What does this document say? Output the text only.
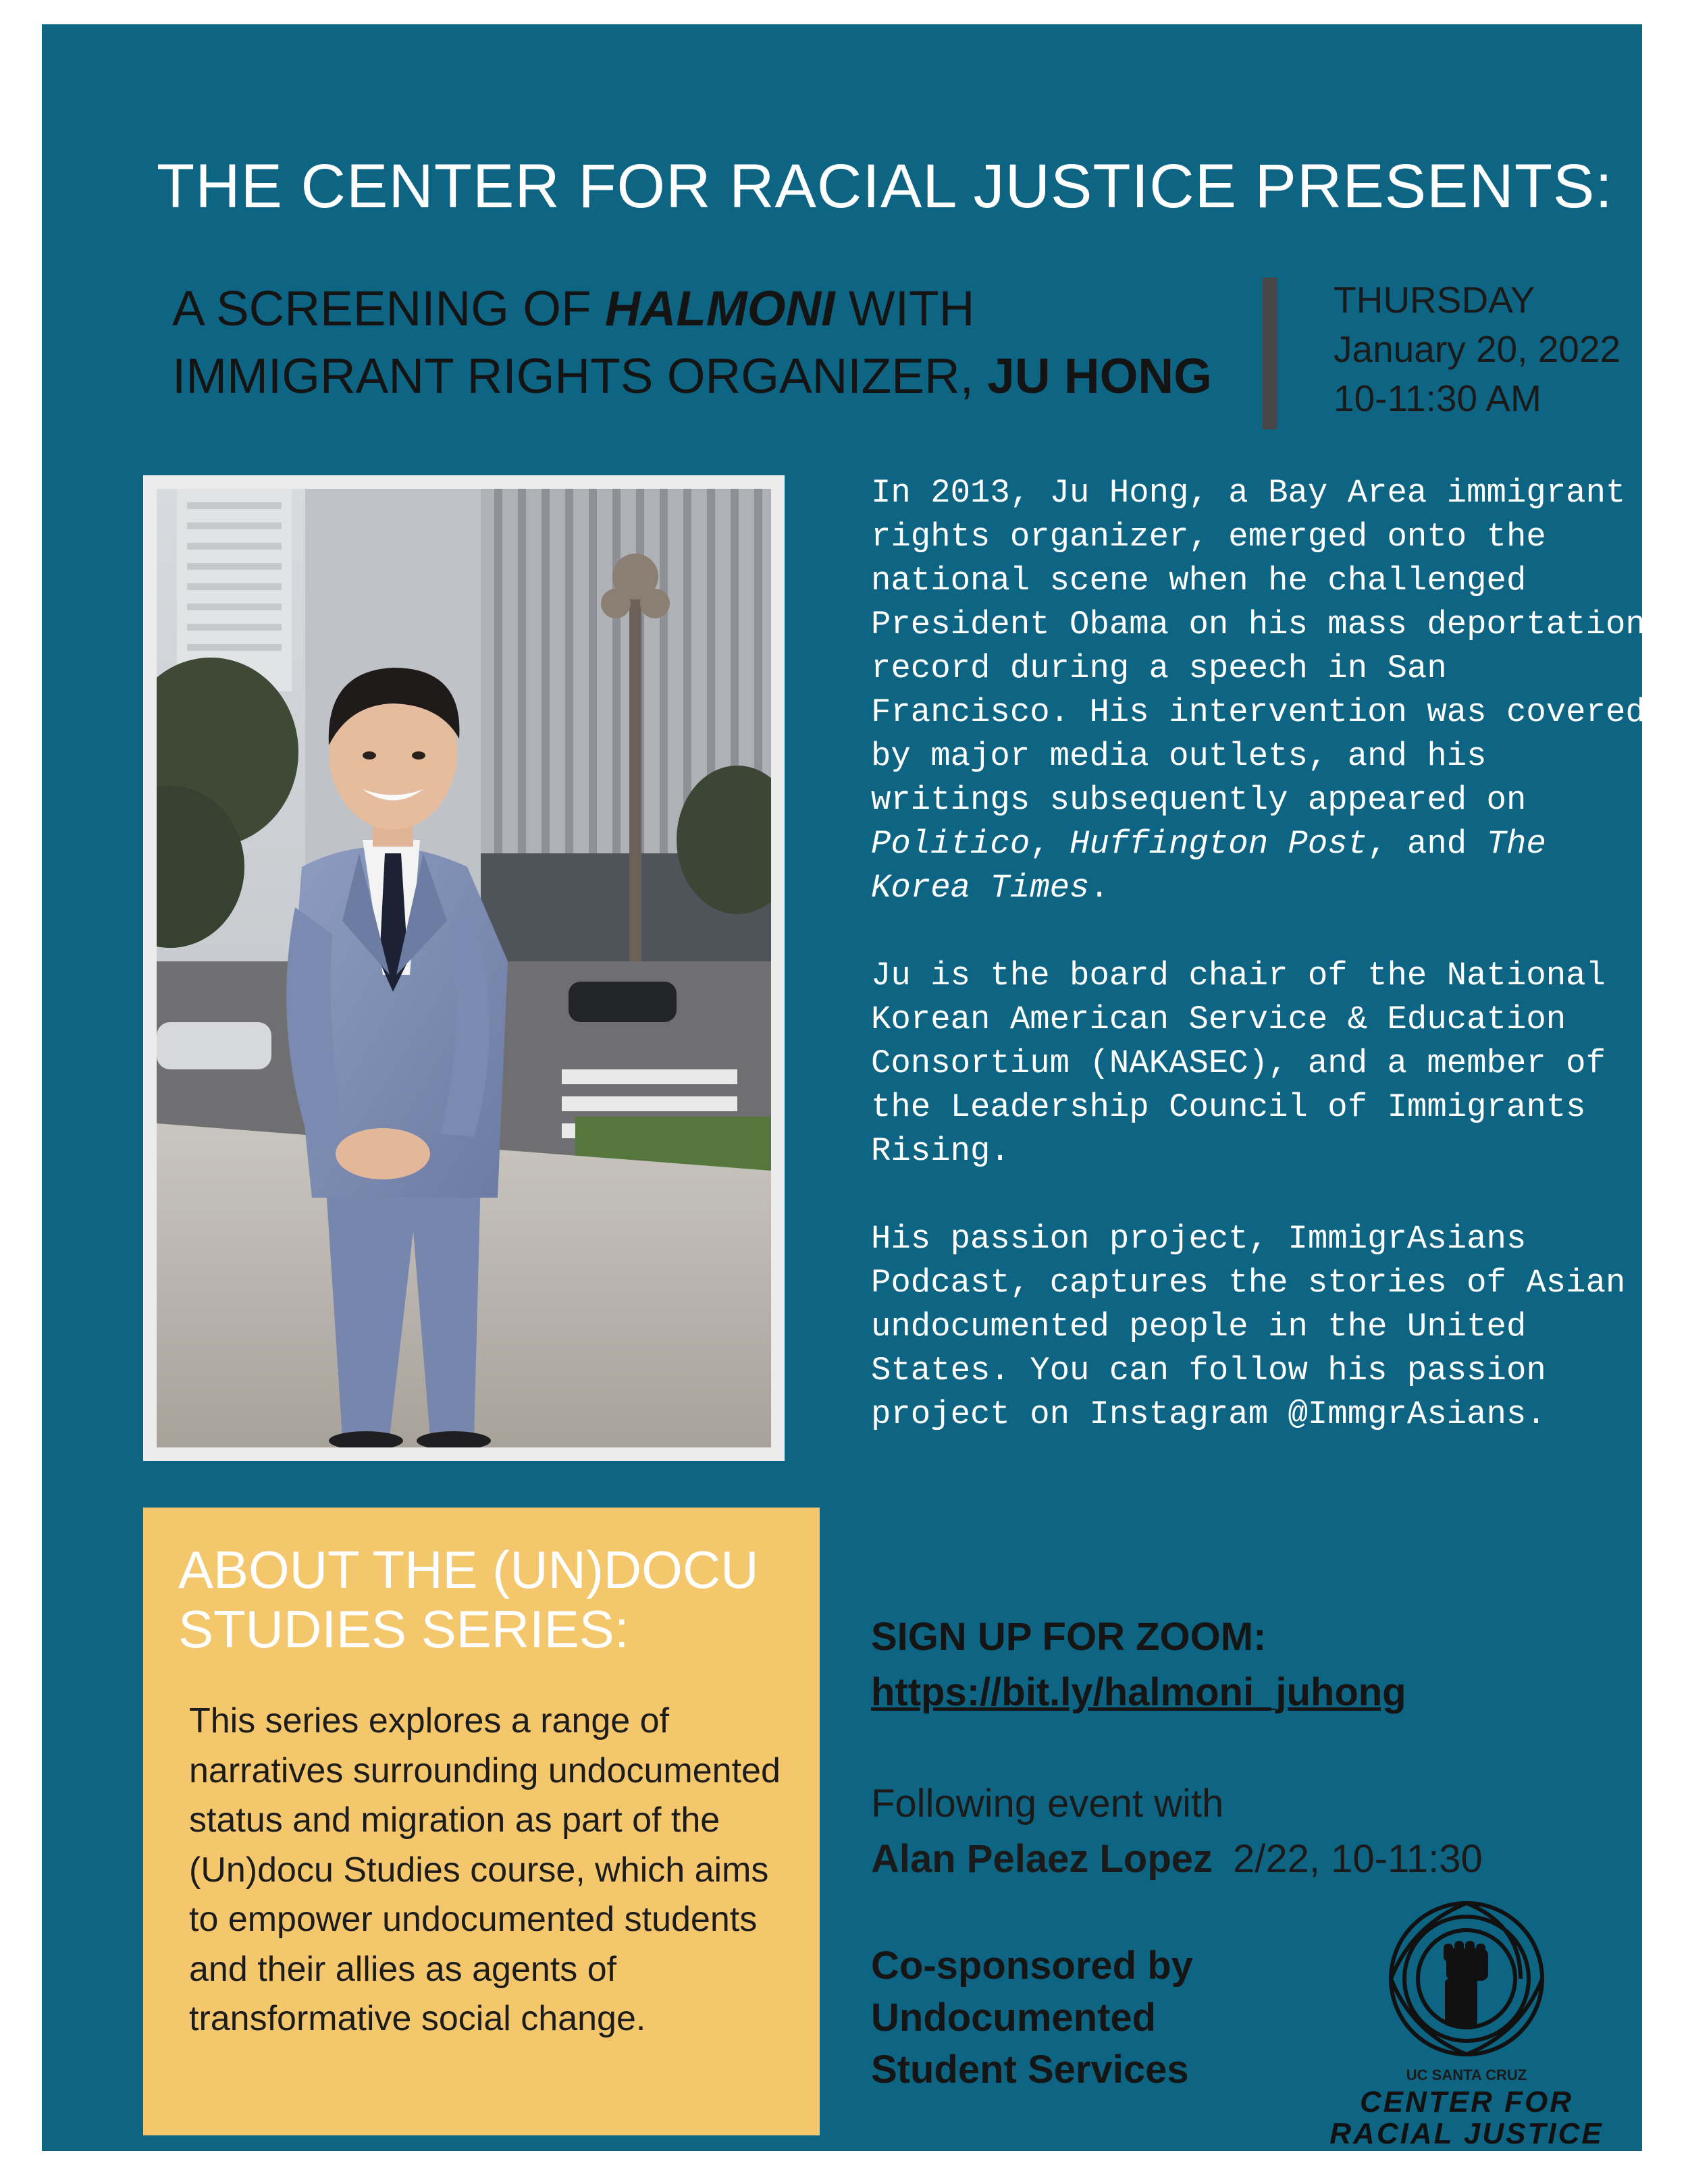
THE CENTER FOR RACIAL JUSTICE PRESENTS:
A SCREENING OF HALMONI WITH
IMMIGRANT RIGHTS ORGANIZER, JU HONG
THURSDAY
January 20, 2022
10-11:30 AM

In 2013, Ju Hong, a Bay Area immigrant rights organizer, emerged onto the national scene when he challenged President Obama on his mass deportation record during a speech in San Francisco. His intervention was covered by major media outlets, and his writings subsequently appeared on Politico, Huffington Post, and The Korea Times.

Ju is the board chair of the National Korean American Service & Education Consortium (NAKASEC), and a member of the Leadership Council of Immigrants Rising.

His passion project, ImmigrAsians Podcast, captures the stories of Asian undocumented people in the United States. You can follow his passion project on Instagram @ImmgrAsians.

ABOUT THE (UN)DOCU
STUDIES SERIES:
This series explores a range of narratives surrounding undocumented status and migration as part of the (Un)docu Studies course, which aims to empower undocumented students and their allies as agents of transformative social change.
SIGN UP FOR ZOOM:
https://bit.ly/halmoni_juhong
Following event with
Alan Pelaez Lopez 2/22, 10-11:30
Co-sponsored by
Undocumented
Student Services	UC SANTA CRUZ
CENTER FOR
RACIAL JUSTICE
